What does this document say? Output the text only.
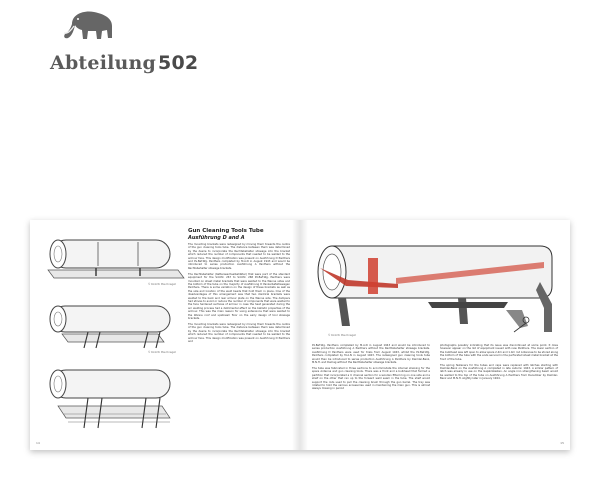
Abteilung 502
© Rodolfo Mas Dowgell
© Rodolfo Mas Dowgell
Gun Cleaning Tools Tube
Ausführung D and A

The mounting brackets were redesigned by moving them towards the centre of the gun cleaning tools tube. The distance between them was determined by the desire to incorporate the Rechtsbehalter stowage into the bracket which reduced the number of components that needed to be welded to the armour face. This design modification was present on Ausführung D Panthers and Ps.Bef.Wg. Panthers completed by M.A.N in August 1943 and would be introduced to series production Ausführung A Panthers without the Rechtsbehalter stowage brackets.

The Rechtsbehalter (Kettenwechselbehälter) that were part of the standard equipment for the Sd.Kfz. 267 to Sd.Kfz. 268 Pz.Bef.Wg. Panthers were mounted on sheet metal brackets that were welded to the Wanne sides and the bottom of the tube on the majority of Ausführung D Panzerbefehlswagen Panthers. There is some variation on the design of these brackets as well as the size and location of the weld beads that hold them in place. One of the disadvantages of this arrangement was that two identical brackets were welded to the back and rear armour plate on the Wanne side. The dampers had strives to avoid or reduce the number of components that were welded to the face hardened surfaces of armour in case the heat generated during the arc welding process had a detrimental effect on the ballistic properties of the armour. This was the main reason for using extensions that were welded to the Wanne roof and upstream floor on the early design of tool stowage brackets.

The mounting brackets were redesigned by moving them towards the centre of the gun cleaning tools tube. The distance between them was determined by the desire to incorporate the Rechtsbehalter stowage into the bracket which reduced the number of components that needed to be welded to the armour face. This design modification was present on Ausführung D Panthers and

14
© Rodolfo Mas Dowgell

Pz.Bef.Wg. Panthers completed by M.A.N in August 1943 and would be introduced to series production Ausführung A Panthers without the Rechtsbehalter stowage brackets. Ausführung D Panthers were used for trials from August 1943, whilst the Pz.Bef.Wg. Panthers completed by M.A.N in August 1943. The redesigned gun cleaning tools tube would then be introduced to series production Ausführung A Panthers by Daimler-Benz, M.N.H. and Demag without the Rechtsbehalter stowage brackets.

The tube was fabricated in three sections to accommodate the internal shelving for the spare Antenna and gun cleaning tools. There was a front and a bulkhead that formed a partition that incorporated a U channel section for a wooden fitted ring on one side and a shelf on the other that ran up to the forward weld seam in the tube. The shelf would support the rods used to pull the cleaning brush through the gun barrel. The tray was rotated to hold the various accessories used in maintaining the main gun. This is almost always missing in period

photographs possibly indicating that its issue was discontinued at some point. It does however appear on the list of equipment issued with new Panthers. The lower section of the bulkhead was left open to allow spare 2.4m and 1.4m rod Antennae to be stored along the bottom of the tube with the ends secured in the perforated sheet metal bracket at the front of the tube.

The spring fasteners for the tubes end caps were replaced with latches starting with Daimler-Benz on the Ausführung A completed in late Autumn 1943. A similar pattern of latch was already in use on the Gepäckkasten. An angle iron strengthening beam would be welded to the top of the tube on Ausführung A Panthers from December by Daimler-Benz and M.N.H. slightly later in January 1944.

15
